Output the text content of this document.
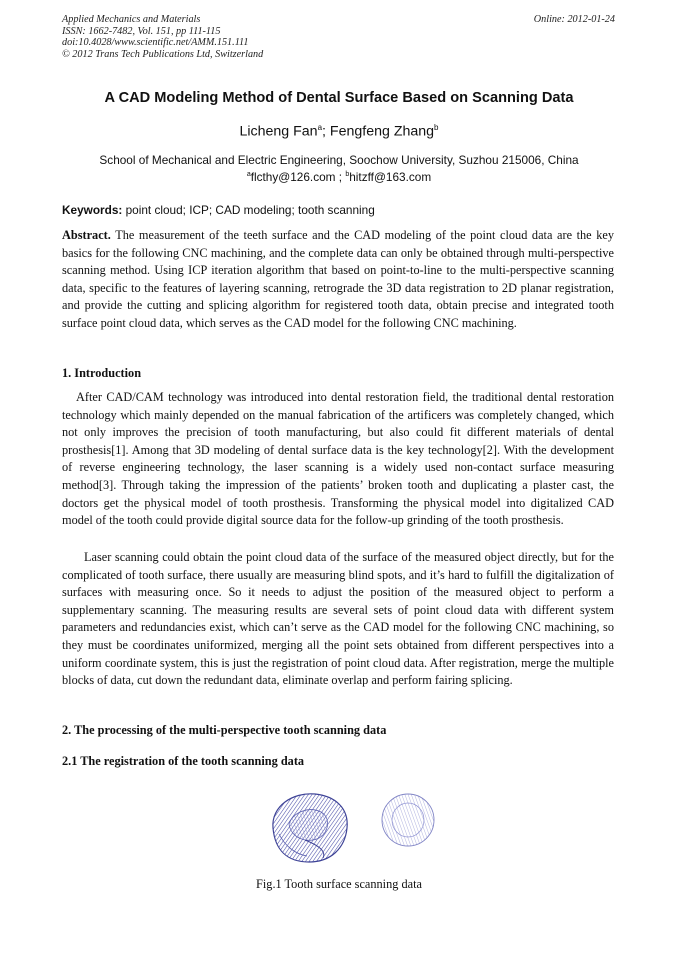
Applied Mechanics and Materials
ISSN: 1662-7482, Vol. 151, pp 111-115
doi:10.4028/www.scientific.net/AMM.151.111
© 2012 Trans Tech Publications Ltd, Switzerland
Online: 2012-01-24
A CAD Modeling Method of Dental Surface Based on Scanning Data
Licheng Fan$^a$; Fengfeng Zhang$^b$
School of Mechanical and Electric Engineering, Soochow University, Suzhou 215006, China
$^a$flcthy@126.com ; $^b$hitzff@163.com
Keywords: point cloud; ICP; CAD modeling; tooth scanning
Abstract. The measurement of the teeth surface and the CAD modeling of the point cloud data are the key basics for the following CNC machining, and the complete data can only be obtained through multi-perspective scanning method. Using ICP iteration algorithm that based on point-to-line to the multi-perspective scanning data, specific to the features of layering scanning, retrograde the 3D data registration to 2D planar registration, and provide the cutting and splicing algorithm for registered tooth data, obtain precise and integrated tooth surface point cloud data, which serves as the CAD model for the following CNC machining.
1. Introduction
After CAD/CAM technology was introduced into dental restoration field, the traditional dental restoration technology which mainly depended on the manual fabrication of the artificers was completely changed, which not only improves the precision of tooth manufacturing, but also could fit different materials of dental prosthesis[1]. Among that 3D modeling of dental surface data is the key technology[2]. With the development of reverse engineering technology, the laser scanning is a widely used non-contact surface measuring method[3]. Through taking the impression of the patients’ broken tooth and duplicating a plaster cast, the doctors get the physical model of tooth prosthesis. Transforming the physical model into digitalized CAD model of the tooth could provide digital source data for the follow-up grinding of the tooth prosthesis.
Laser scanning could obtain the point cloud data of the surface of the measured object directly, but for the complicated of tooth surface, there usually are measuring blind spots, and it’s hard to fulfill the digitalization of surfaces with measuring once. So it needs to adjust the position of the measured object to perform a supplementary scanning. The measuring results are several sets of point cloud data with different system parameters and redundancies exist, which can’t serve as the CAD model for the following CNC machining, so they must be coordinates uniformized, merging all the point sets obtained from different perspectives into a uniform coordinate system, this is just the registration of point cloud data. After registration, merge the multiple blocks of data, cut down the redundant data, eliminate overlap and perform fairing splicing.
2. The processing of the multi-perspective tooth scanning data
2.1 The registration of the tooth scanning data
Fig.1 Tooth surface scanning data
